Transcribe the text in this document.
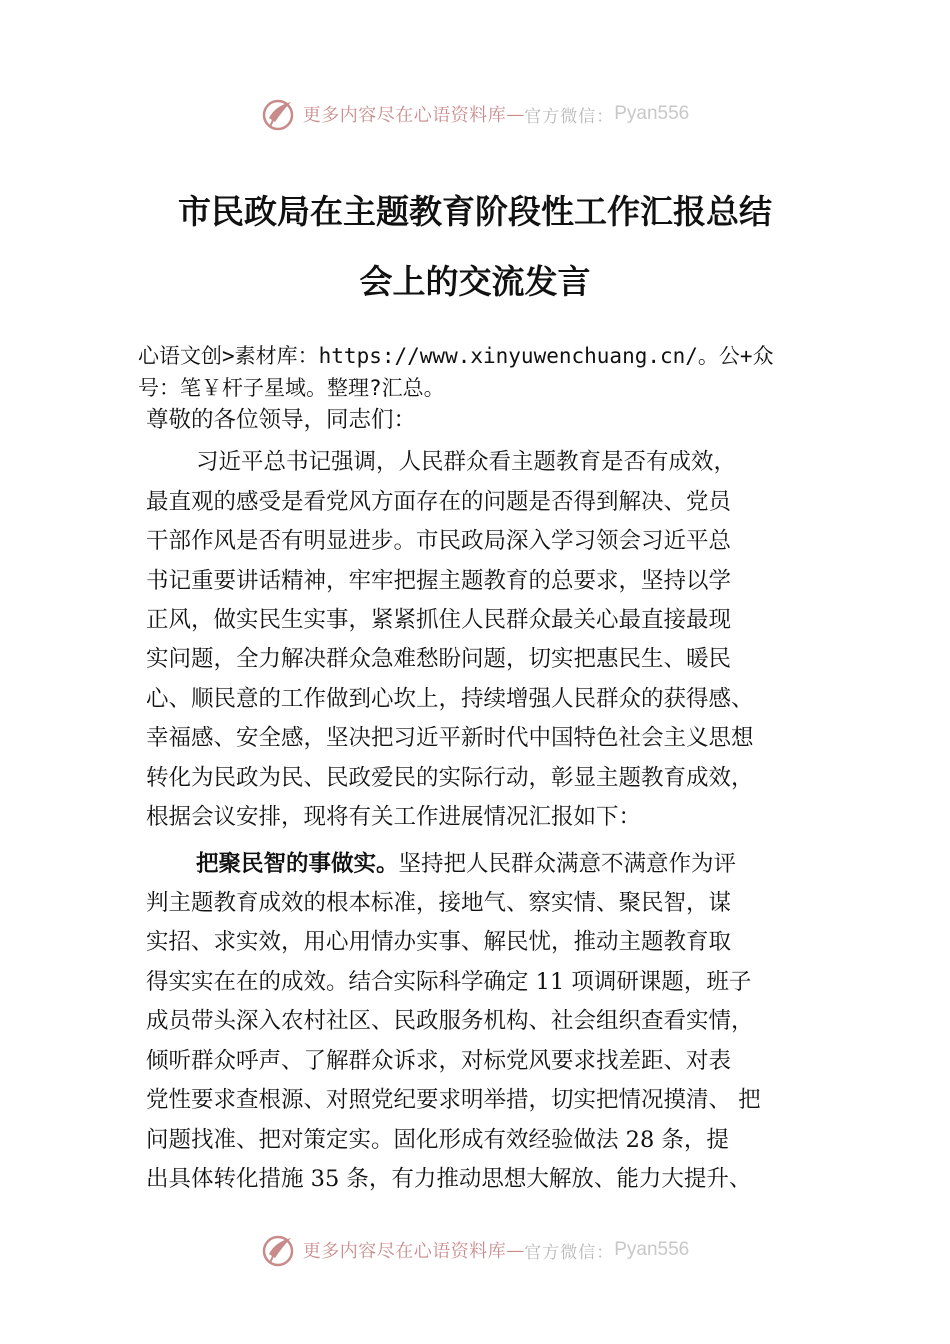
更多内容尽在心语资料库 — 官方微信： Pyan556
市民政局在主题教育阶段性工作汇报总结
会上的交流发言
心语文创>素材库：https://www.xinyuwenchuang.cn/。公+众
号：笔￥杆子星域。整理?汇总。
尊敬的各位领导，同志们：
习近平总书记强调，人民群众看主题教育是否有成效，
最直观的感受是看党风方面存在的问题是否得到解决、党员
干部作风是否有明显进步。市民政局深入学习领会习近平总
书记重要讲话精神，牢牢把握主题教育的总要求，坚持以学
正风，做实民生实事，紧紧抓住人民群众最关心最直接最现
实问题，全力解决群众急难愁盼问题，切实把惠民生、暖民
心、顺民意的工作做到心坎上，持续增强人民群众的获得感、
幸福感、安全感，坚决把习近平新时代中国特色社会主义思想
转化为民政为民、民政爱民的实际行动，彰显主题教育成效，
根据会议安排，现将有关工作进展情况汇报如下：
把聚民智的事做实。坚持把人民群众满意不满意作为评
判主题教育成效的根本标准，接地气、察实情、聚民智，谋
实招、求实效，用心用情办实事、解民忧，推动主题教育取
得实实在在的成效。结合实际科学确定 11 项调研课题，班子
成员带头深入农村社区、民政服务机构、社会组织查看实情，
倾听群众呼声、了解群众诉求，对标党风要求找差距、对表
党性要求查根源、对照党纪要求明举措，切实把情况摸清、 把
问题找准、把对策定实。固化形成有效经验做法 28 条，提
出具体转化措施 35 条，有力推动思想大解放、能力大提升、
更多内容尽在心语资料库 — 官方微信： Pyan556
